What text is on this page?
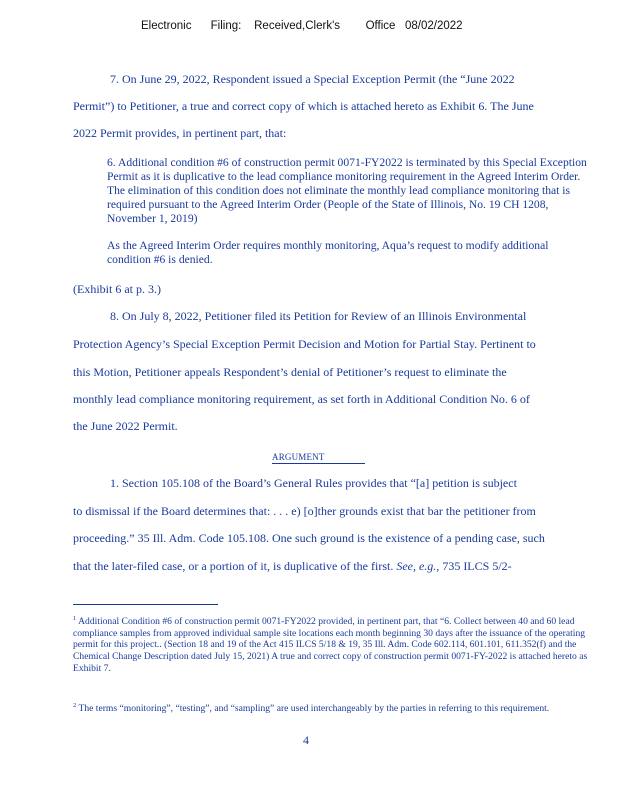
Electronic      Filing:    Received,Clerk's        Office   08/02/2022
7. On June 29, 2022, Respondent issued a Special Exception Permit (the “June 2022
Permit”) to Petitioner, a true and correct copy of which is attached hereto as Exhibit 6. The June
2022 Permit provides, in pertinent part, that:
6. Additional condition #6 of construction permit 0071-FY2022 is terminated by this Special Exception Permit as it is duplicative to the lead compliance monitoring requirement in the Agreed Interim Order. The elimination of this condition does not eliminate the monthly lead compliance monitoring that is required pursuant to the Agreed Interim Order (People of the State of Illinois, No. 19 CH 1208, November 1, 2019)
As the Agreed Interim Order requires monthly monitoring, Aqua’s request to modify additional condition #6 is denied.
(Exhibit 6 at p. 3.)
8. On July 8, 2022, Petitioner filed its Petition for Review of an Illinois Environmental
Protection Agency’s Special Exception Permit Decision and Motion for Partial Stay. Pertinent to
this Motion, Petitioner appeals Respondent’s denial of Petitioner’s request to eliminate the
monthly lead compliance monitoring requirement, as set forth in Additional Condition No. 6 of
the June 2022 Permit.
ARGUMENT
1. Section 105.108 of the Board’s General Rules provides that “[a] petition is subject
to dismissal if the Board determines that: . . . e) [o]ther grounds exist that bar the petitioner from
proceeding.” 35 Ill. Adm. Code 105.108. One such ground is the existence of a pending case, such
that the later-filed case, or a portion of it, is duplicative of the first. See, e.g., 735 ILCS 5/2-
$^1$ Additional Condition #6 of construction permit 0071-FY2022 provided, in pertinent part, that “6. Collect between 40 and 60 lead compliance samples from approved individual sample site locations each month beginning 30 days after the issuance of the operating permit for this project.. (Section 18 and 19 of the Act 415 ILCS 5/18 & 19, 35 Ill. Adm. Code 602.114, 601.101, 611.352(f) and the Chemical Change Description dated July 15, 2021) A true and correct copy of construction permit 0071-FY-2022 is attached hereto as Exhibit 7.
$^2$ The terms “monitoring”, “testing”, and “sampling” are used interchangeably by the parties in referring to this requirement.
4
